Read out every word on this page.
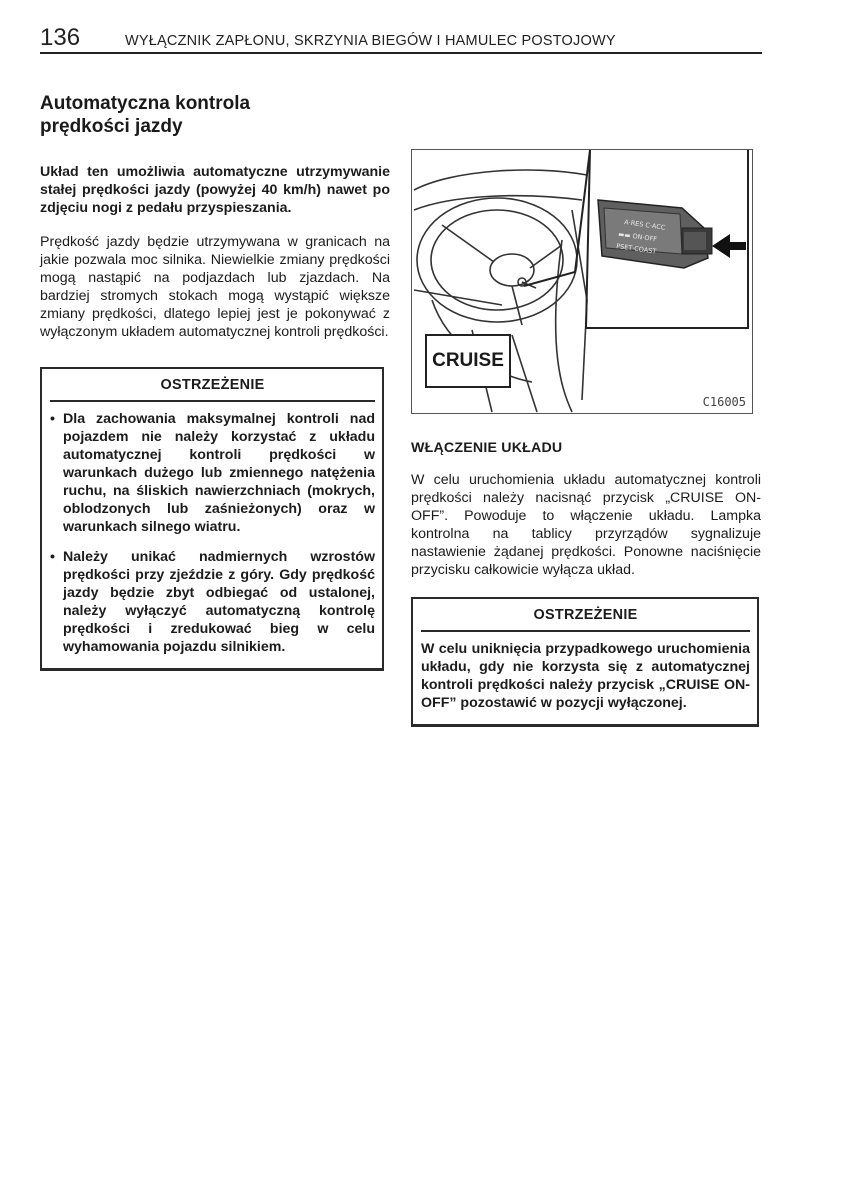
136	WYŁĄCZNIK ZAPŁONU, SKRZYNIA BIEGÓW I HAMULEC POSTOJOWY
Automatyczna kontrola
prędkości jazdy

Układ ten umożliwia automatyczne utrzymywanie stałej prędkości jazdy (powyżej 40 km/h) nawet po zdjęciu nogi z pedału przyspieszania.

Prędkość jazdy będzie utrzymywana w granicach na jakie pozwala moc silnika. Niewielkie zmiany prędkości mogą nastąpić na podjazdach lub zjazdach. Na bardziej stromych stokach mogą wystąpić większe zmiany prędkości, dlatego lepiej jest je pokonywać z wyłączonym układem automatycznej kontroli prędkości.

OSTRZEŻENIE
• Dla zachowania maksymalnej kontroli nad pojazdem nie należy korzystać z układu automatycznej kontroli prędkości w warunkach dużego lub zmiennego natężenia ruchu, na śliskich nawierzchniach (mokrych, oblodzonych lub zaśnieżonych) oraz w warunkach silnego wiatru.
• Należy unikać nadmiernych wzrostów prędkości przy zjeździe z góry. Gdy prędkość jazdy będzie zbyt odbiegać od ustalonej, należy wyłączyć automatyczną kontrolę prędkości i zredukować bieg w celu wyhamowania pojazdu silnikiem.
A·RES C·ACC
▬▬ ON·OFF
PSET·COAST
CRUISE
C16005
WŁĄCZENIE UKŁADU

W celu uruchomienia układu automatycznej kontroli prędkości należy nacisnąć przycisk „CRUISE ON-OFF”. Powoduje to włączenie układu. Lampka kontrolna na tablicy przyrządów sygnalizuje nastawienie żądanej prędkości. Ponowne naciśnięcie przycisku całkowicie wyłącza układ.

OSTRZEŻENIE
W celu uniknięcia przypadkowego uruchomienia układu, gdy nie korzysta się z automatycznej kontroli prędkości należy przycisk „CRUISE ON-OFF” pozostawić w pozycji wyłączonej.
